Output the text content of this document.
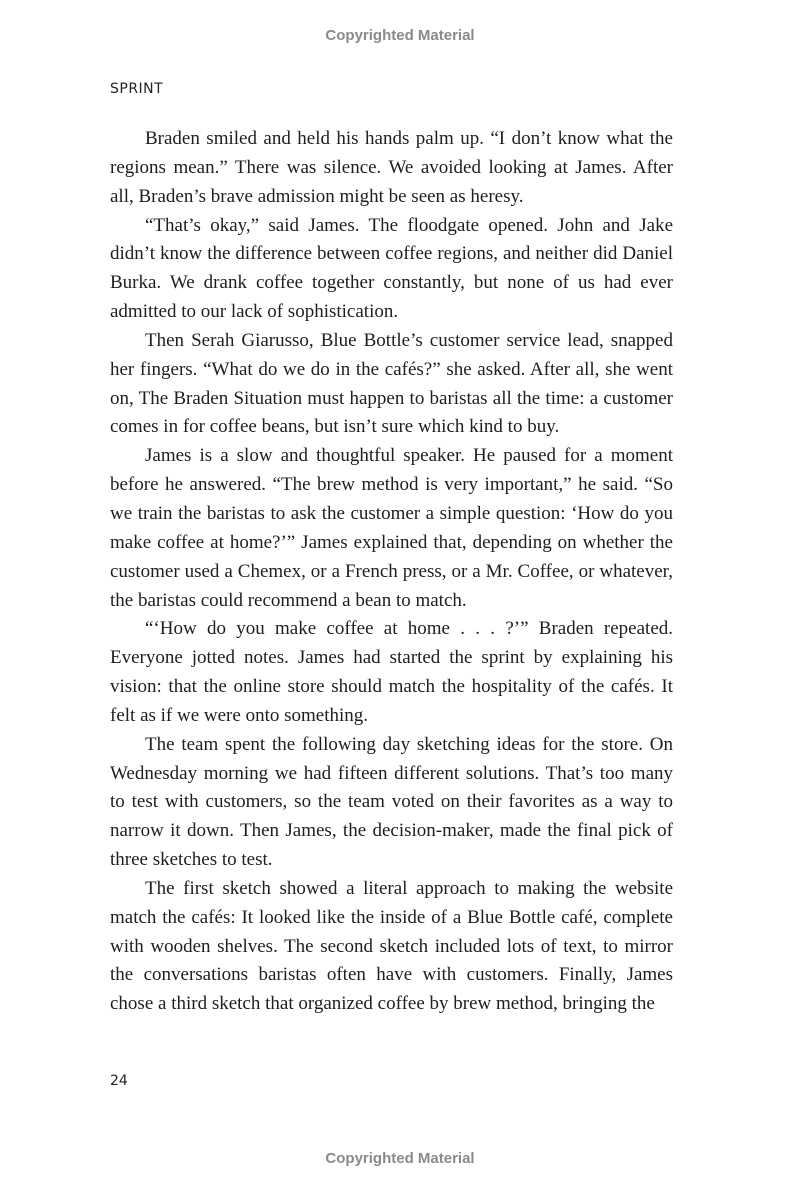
Copyrighted Material
SPRINT

Braden smiled and held his hands palm up. “I don’t know what the regions mean.” There was silence. We avoided looking at James. After all, Braden’s brave admission might be seen as heresy.

“That’s okay,” said James. The floodgate opened. John and Jake didn’t know the difference between coffee regions, and neither did Daniel Burka. We drank coffee together constantly, but none of us had ever admitted to our lack of sophistication.

Then Serah Giarusso, Blue Bottle’s customer service lead, snapped her fingers. “What do we do in the cafés?” she asked. After all, she went on, The Braden Situation must happen to baristas all the time: a customer comes in for coffee beans, but isn’t sure which kind to buy.

James is a slow and thoughtful speaker. He paused for a moment before he answered. “The brew method is very important,” he said. “So we train the baristas to ask the customer a simple question: ‘How do you make coffee at home?’” James explained that, depending on whether the customer used a Chemex, or a French press, or a Mr. Coffee, or whatever, the baristas could recommend a bean to match.

“‘How do you make coffee at home . . . ?’” Braden repeated. Everyone jotted notes. James had started the sprint by explaining his vision: that the online store should match the hospitality of the cafés. It felt as if we were onto something.

The team spent the following day sketching ideas for the store. On Wednesday morning we had fifteen different solutions. That’s too many to test with customers, so the team voted on their favorites as a way to narrow it down. Then James, the decision-maker, made the final pick of three sketches to test.

The first sketch showed a literal approach to making the website match the cafés: It looked like the inside of a Blue Bottle café, complete with wooden shelves. The second sketch included lots of text, to mirror the conversations baristas often have with customers. Finally, James chose a third sketch that organized coffee by brew method, bringing the

24
Copyrighted Material
